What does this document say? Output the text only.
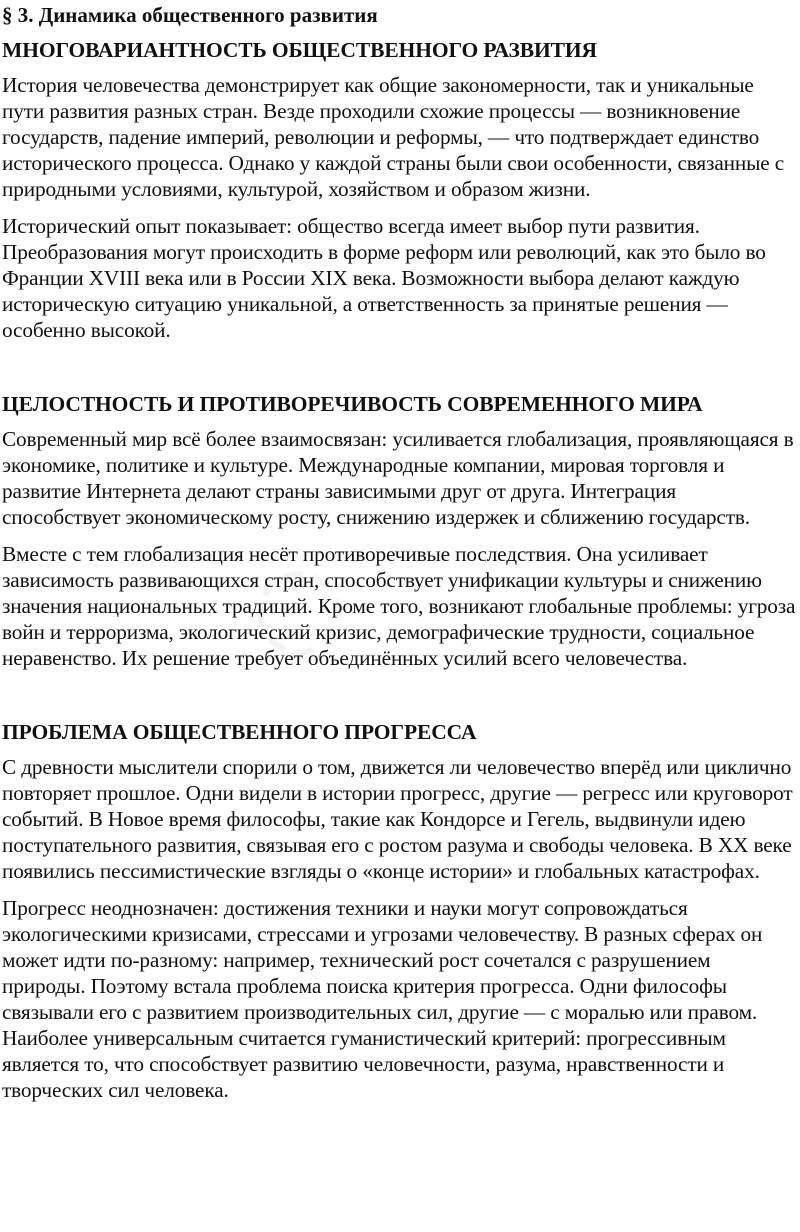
§ 3. Динамика общественного развития
МНОГОВАРИАНТНОСТЬ ОБЩЕСТВЕННОГО РАЗВИТИЯ

История человечества демонстрирует как общие закономерности, так и уникальные пути развития разных стран. Везде проходили схожие процессы — возникновение государств, падение империй, революции и реформы, — что подтверждает единство исторического процесса. Однако у каждой страны были свои особенности, связанные с природными условиями, культурой, хозяйством и образом жизни.

Исторический опыт показывает: общество всегда имеет выбор пути развития. Преобразования могут происходить в форме реформ или революций, как это было во Франции XVIII века или в России XIX века. Возможности выбора делают каждую историческую ситуацию уникальной, а ответственность за принятые решения — особенно высокой.

ЦЕЛОСТНОСТЬ И ПРОТИВОРЕЧИВОСТЬ СОВРЕМЕННОГО МИРА

Современный мир всё более взаимосвязан: усиливается глобализация, проявляющаяся в экономике, политике и культуре. Международные компании, мировая торговля и развитие Интернета делают страны зависимыми друг от друга. Интеграция способствует экономическому росту, снижению издержек и сближению государств.

Вместе с тем глобализация несёт противоречивые последствия. Она усиливает зависимость развивающихся стран, способствует унификации культуры и снижению значения национальных традиций. Кроме того, возникают глобальные проблемы: угроза войн и терроризма, экологический кризис, демографические трудности, социальное неравенство. Их решение требует объединённых усилий всего человечества.

ПРОБЛЕМА ОБЩЕСТВЕННОГО ПРОГРЕССА

С древности мыслители спорили о том, движется ли человечество вперёд или циклично повторяет прошлое. Одни видели в истории прогресс, другие — регресс или круговорот событий. В Новое время философы, такие как Кондорсе и Гегель, выдвинули идею поступательного развития, связывая его с ростом разума и свободы человека. В XX веке появились пессимистические взгляды о «конце истории» и глобальных катастрофах.

Прогресс неоднозначен: достижения техники и науки могут сопровождаться экологическими кризисами, стрессами и угрозами человечеству. В разных сферах он может идти по-разному: например, технический рост сочетался с разрушением природы. Поэтому встала проблема поиска критерия прогресса. Одни философы связывали его с развитием производительных сил, другие — с моралью или правом. Наиболее универсальным считается гуманистический критерий: прогрессивным является то, что способствует развитию человечности, разума, нравственности и творческих сил человека.
